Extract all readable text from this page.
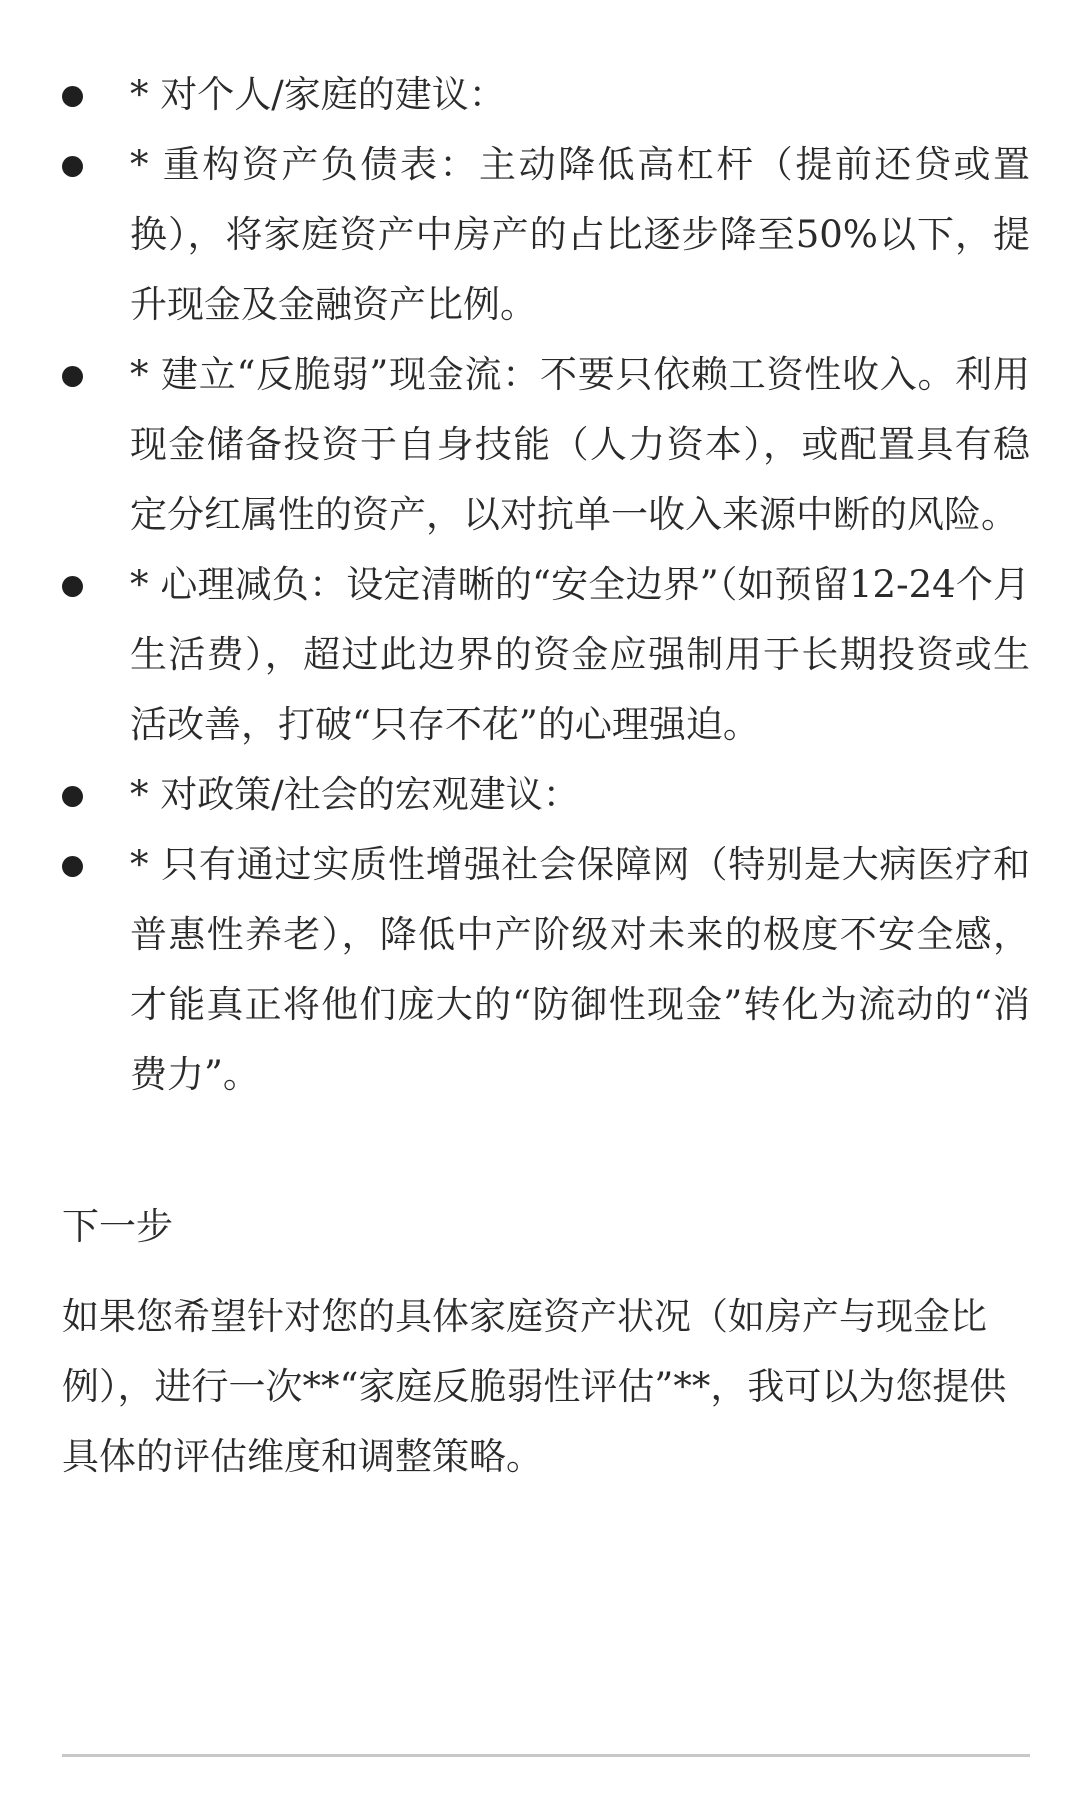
* 对个人/家庭的建议：
* 重构资产负债表：主动降低高杠杆（提前还贷或置换），将家庭资产中房产的占比逐步降至50%以下，提升现金及金融资产比例。
* 建立“反脆弱”现金流：不要只依赖工资性收入。利用现金储备投资于自身技能（人力资本），或配置具有稳定分红属性的资产，以对抗单一收入来源中断的风险。
* 心理减负：设定清晰的“安全边界”（如预留12-24个月生活费），超过此边界的资金应强制用于长期投资或生活改善，打破“只存不花”的心理强迫。
* 对政策/社会的宏观建议：
* 只有通过实质性增强社会保障网（特别是大病医疗和普惠性养老），降低中产阶级对未来的极度不安全感，才能真正将他们庞大的“防御性现金”转化为流动的“消费力”。
下一步
如果您希望针对您的具体家庭资产状况（如房产与现金比例），进行一次**“家庭反脆弱性评估”**，我可以为您提供具体的评估维度和调整策略。
